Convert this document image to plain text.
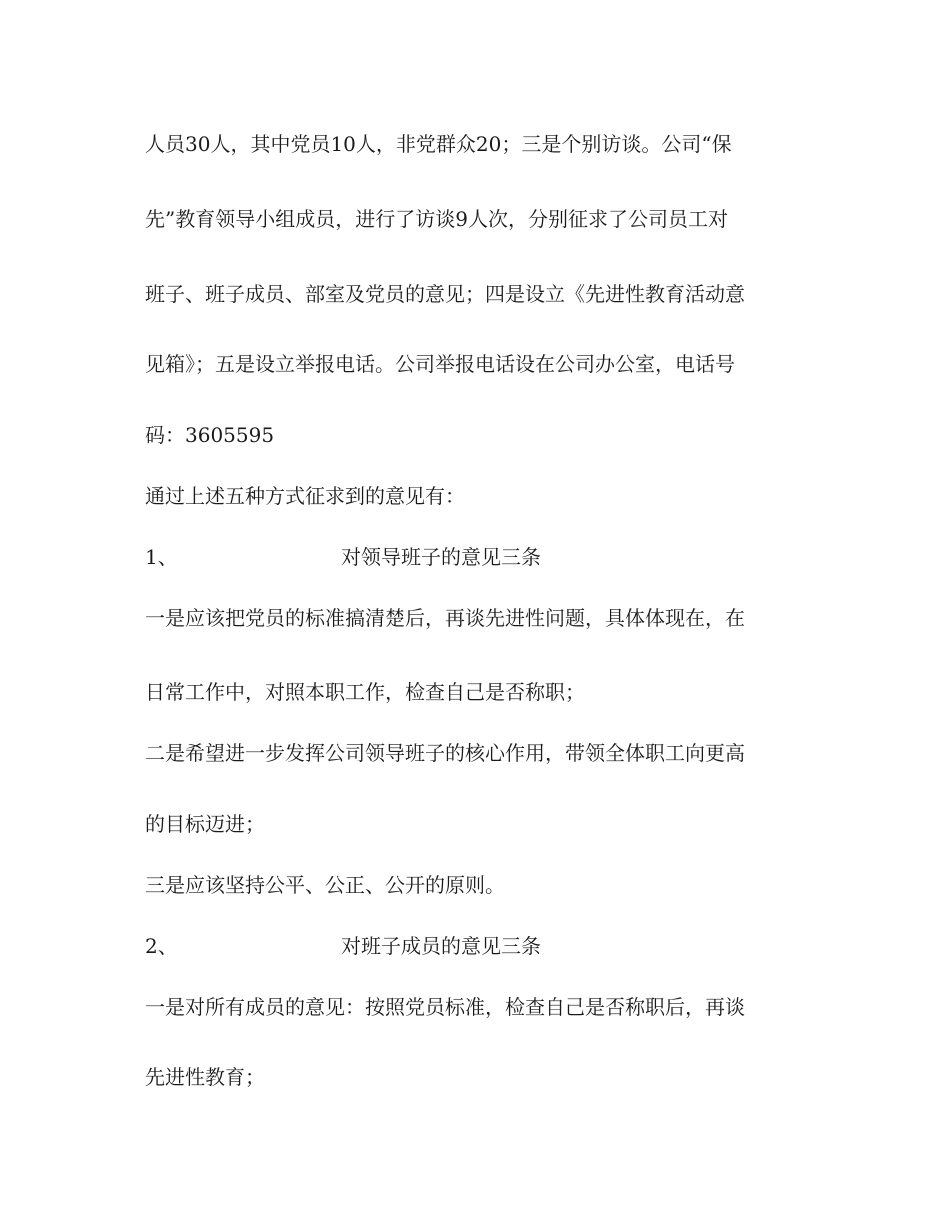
人员30人，其中党员10人，非党群众20；三是个别访谈。公司“保
先”教育领导小组成员，进行了访谈9人次，分别征求了公司员工对
班子、班子成员、部室及党员的意见；四是设立《先进性教育活动意
见箱》；五是设立举报电话。公司举报电话设在公司办公室，电话号
码：3605595
通过上述五种方式征求到的意见有：
1、	对领导班子的意见三条
一是应该把党员的标准搞清楚后，再谈先进性问题，具体体现在，在
日常工作中，对照本职工作，检查自己是否称职；
二是希望进一步发挥公司领导班子的核心作用，带领全体职工向更高
的目标迈进；
三是应该坚持公平、公正、公开的原则。
2、	对班子成员的意见三条
一是对所有成员的意见：按照党员标准，检查自己是否称职后，再谈
先进性教育；
